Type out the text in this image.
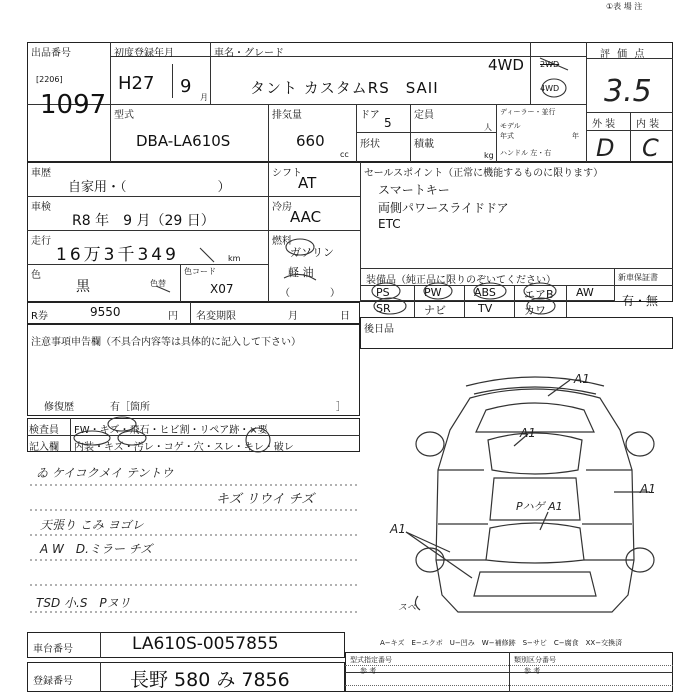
①表 場 注
出品番号
[2206]
1097
初度登録年月
H27 9
月
車名・グレード
4WD
タント カスタムRS　SAII
2WD
4WD
評 価 点
3.5
外 装 内 装
D C
型式
DBA-LA610S
排気量
660
cc
ドア
5
定員
人
形状	積載
kg
ディーラー・並行
モデル
年式	年
ハンドル 左・右
車歴
自家用・（　　　　　　　）
シフト
AT
セールスポイント（正常に機能するものに限ります）
スマートキー
両側パワースライドドア
ETC
車検
R8 年　9 月（29 日）
冷房
AAC
走行
16万3千349	km
燃料
ガソリン
軽 油
（　　　　）
色
黒	色替
色コード
X07
装備品（純正品に限りのぞいてください）	新車保証書
有・無
PS	PW	ABS	エアB AW
SR	ナビ	TV	カワ
R券	9550	円 名変期限	月	日
後日品
注意事項申告欄（不具合内容等は具体的に記入して下さい）
修復歴	有［箇所	］
検査員
記入欄
FW・キズ・飛石・ヒビ割・リペア跡・×要
内装・キズ・汚レ・コゲ・穴・スレ・キレ・破レ
ゐ ケイコクメイ テントウ
キズ リウイ チズ
天張り こみ ヨゴレ
A W　D.ミラー チズ
TSD 小.S　Pヌリ
A1
A1
A1
A1
Pハゲ A1
スペ
A−キズ　E−エクボ　U−凹み　W−補修跡　S−サビ　C−腐食　XX−交換済
車台番号	LA610S-0057855
登録番号	長野 580 み 7856
型式指定番号
参 考
類別区分番号
参 考
